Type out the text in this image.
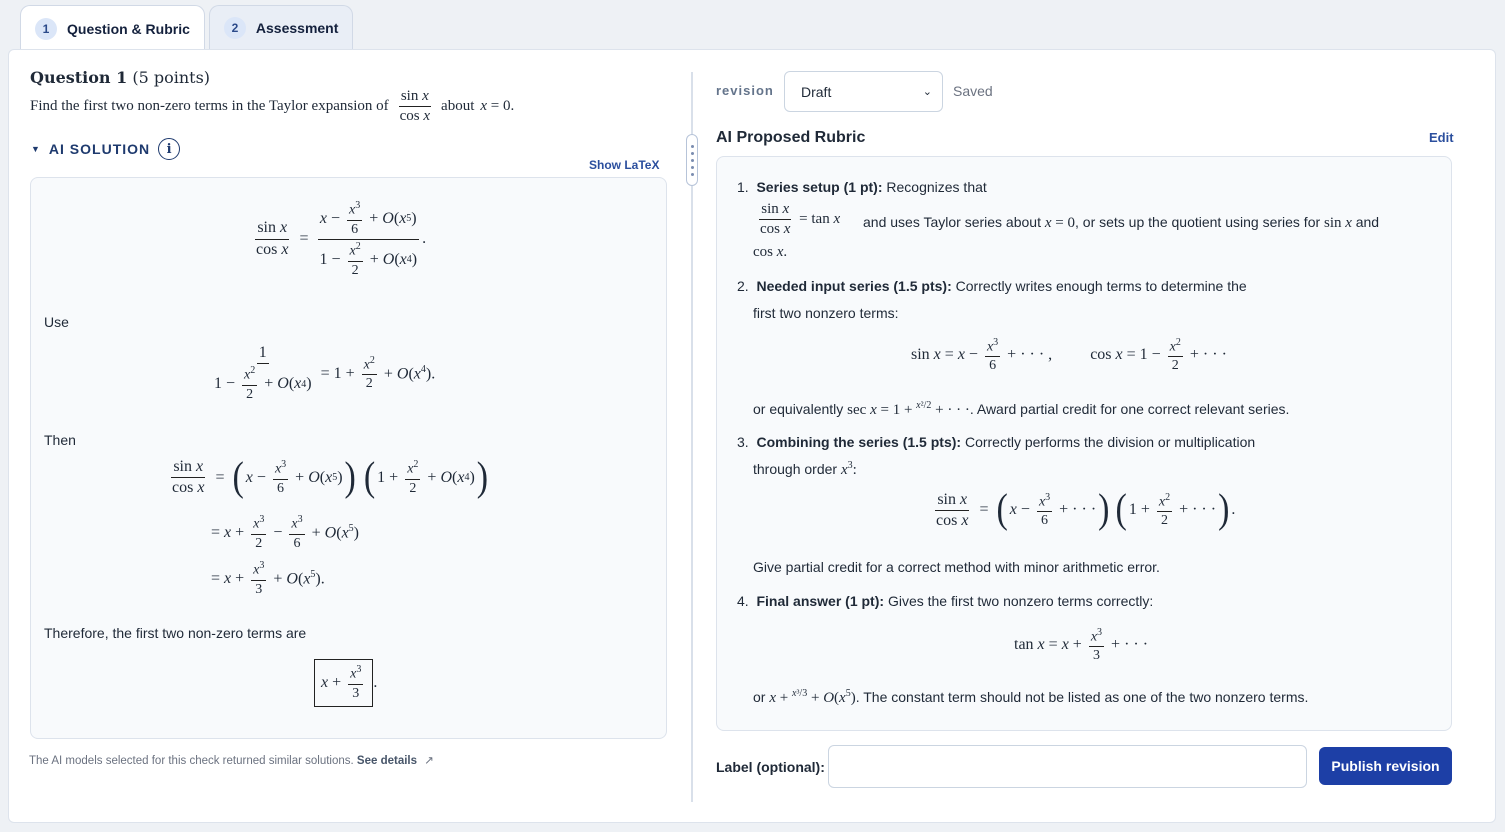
1	Question & Rubric	2	Assessment
Question 1 (5 points)
Find the first two non-zero terms in the Taylor expansion of $\frac{\text{sin x}}{\text{cos x}}$ about x = 0.
▼ AI SOLUTION	i
Show LaTeX
$\frac{\text{sin x}}{\text{cos x}} = \frac{x - \frac{x^3}{6} + O ( x 5 )}{1 - \frac{x^2}{2} + O ( x 4 )}$ .
Use
$\frac{1}{1 - \frac{x^2}{2} + O ( x 4 )} = 1 + \frac{x^2}{2} + O(x^4)$.
Then
$\frac{\text{sin x}}{\text{cos x}}$ = ( $x - \frac{x^3}{6} + O$ ( x 5 ) ) ( $1 + \frac{x^2}{2} + O$ ( x 4 ) )
= $x + \frac{x^3}{2} - \frac{x^3}{6} + O(x^5)$
= $x + \frac{x^3}{3} + O(x^5)$.
Therefore, the first two non-zero terms are
$x + \frac{x^3}{3}$ .
The AI models selected for this check returned similar solutions. See details ↗
revision Draft	⌄ Saved
AI Proposed Rubric	Edit
1.  Series setup (1 pt): Recognizes that
$\frac{\text{sin x}}{\text{cos x}} = \tan x$ and uses Taylor series about x = 0, or sets up the quotient using series for sin x and
cos x.
2.  Needed input series (1.5 pts): Correctly writes enough terms to determine the
first two nonzero terms:
$\sin x = x - \frac{x^3}{6}$ + · · · , $\cos x = 1 - \frac{x^2}{2}$ + · · ·
or equivalently sec x = 1 + $^{x^2/2}$ + · · ·. Award partial credit for one correct relevant series.
3.  Combining the series (1.5 pts): Correctly performs the division or multiplication
through order $x^3$:
$\frac{\text{sin x}}{\text{cos x}}$ = ( $x - \frac{x^3}{6}$ + · · · ) ( $1 + \frac{x^2}{2}$ + · · · ) .
Give partial credit for a correct method with minor arithmetic error.
4.  Final answer (1 pt): Gives the first two nonzero terms correctly:
$\tan x = x + \frac{x^3}{3}$ + · · ·
or $x + ^{x^3/3} + O(x^5)$. The constant term should not be listed as one of the two nonzero terms.
Label (optional):	Publish revision
